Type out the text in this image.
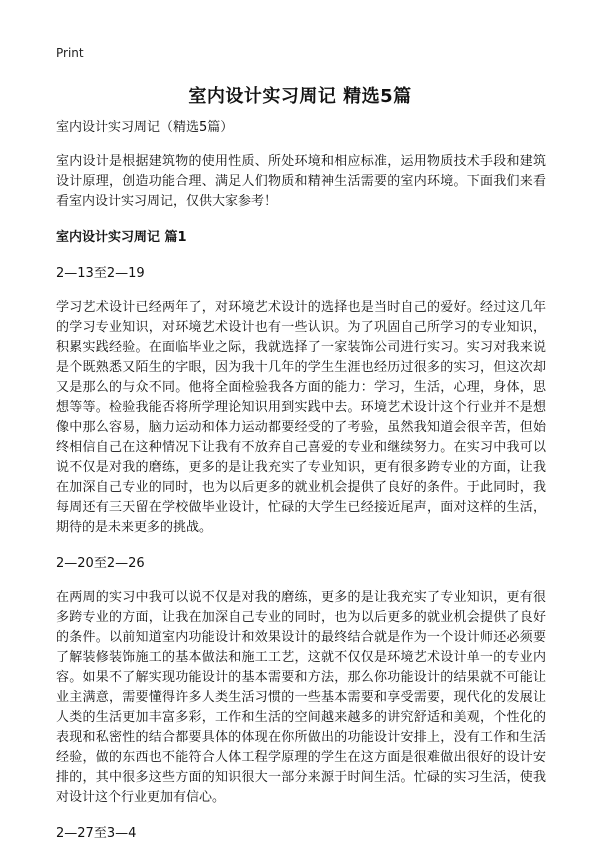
Print
室内设计实习周记 精选5篇

室内设计实习周记（精选5篇）

室内设计是根据建筑物的使用性质、所处环境和相应标准，运用物质技术手段和建筑设计原理，创造功能合理、满足人们物质和精神生活需要的室内环境。下面我们来看看室内设计实习周记，仅供大家参考！

室内设计实习周记 篇1

2—13至2—19

学习艺术设计已经两年了，对环境艺术设计的选择也是当时自己的爱好。经过这几年的学习专业知识，对环境艺术设计也有一些认识。为了巩固自己所学习的专业知识，积累实践经验。在面临毕业之际，我就选择了一家装饰公司进行实习。实习对我来说是个既熟悉又陌生的字眼，因为我十几年的学生生涯也经历过很多的实习，但这次却又是那么的与众不同。他将全面检验我各方面的能力：学习，生活，心理，身体，思想等等。检验我能否将所学理论知识用到实践中去。环境艺术设计这个行业并不是想像中那么容易，脑力运动和体力运动都要经受的了考验，虽然我知道会很辛苦，但始终相信自己在这种情况下让我有不放弃自己喜爱的专业和继续努力。在实习中我可以说不仅是对我的磨练，更多的是让我充实了专业知识，更有很多跨专业的方面，让我在加深自己专业的同时，也为以后更多的就业机会提供了良好的条件。于此同时，我每周还有三天留在学校做毕业设计，忙碌的大学生已经接近尾声，面对这样的生活，期待的是未来更多的挑战。

2—20至2—26

在两周的实习中我可以说不仅是对我的磨练，更多的是让我充实了专业知识，更有很多跨专业的方面，让我在加深自己专业的同时，也为以后更多的就业机会提供了良好的条件。以前知道室内功能设计和效果设计的最终结合就是作为一个设计师还必须要了解装修装饰施工的基本做法和施工工艺，这就不仅仅是环境艺术设计单一的专业内容。如果不了解实现功能设计的基本需要和方法，那么你功能设计的结果就不可能让业主满意，需要懂得许多人类生活习惯的一些基本需要和享受需要，现代化的发展让人类的生活更加丰富多彩，工作和生活的空间越来越多的讲究舒适和美观，个性化的表现和私密性的结合都要具体的体现在你所做出的功能设计安排上，没有工作和生活经验，做的东西也不能符合人体工程学原理的学生在这方面是很难做出很好的设计安排的，其中很多这些方面的知识很大一部分来源于时间生活。忙碌的实习生活，使我对设计这个行业更加有信心。

2—27至3—4
